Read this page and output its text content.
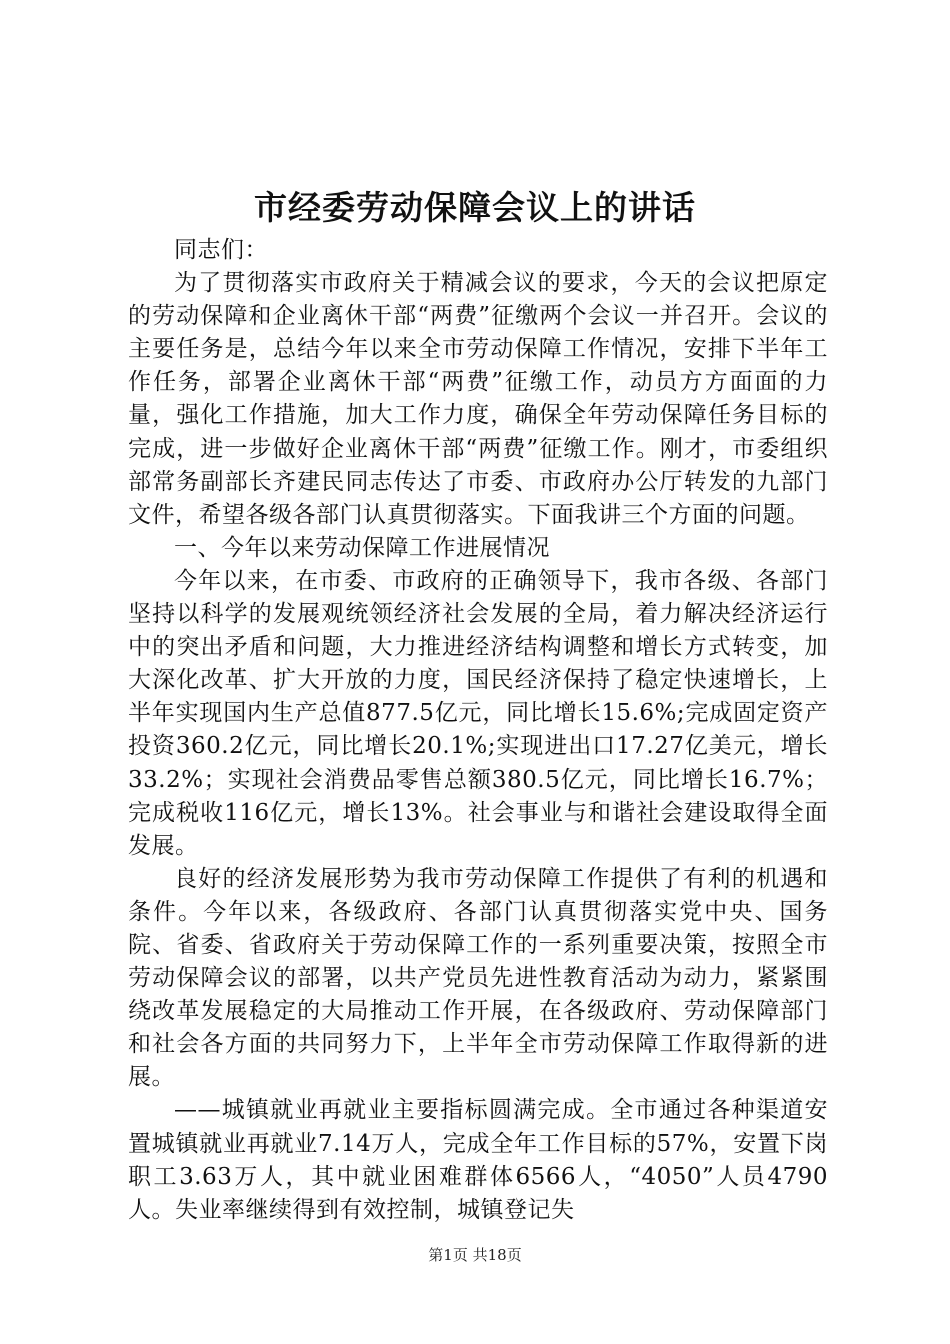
市经委劳动保障会议上的讲话

同志们：

为了贯彻落实市政府关于精减会议的要求，今天的会议把原定的劳动保障和企业离休干部“两费”征缴两个会议一并召开。会议的主要任务是，总结今年以来全市劳动保障工作情况，安排下半年工作任务，部署企业离休干部“两费”征缴工作，动员方方面面的力量，强化工作措施，加大工作力度，确保全年劳动保障任务目标的完成，进一步做好企业离休干部“两费”征缴工作。刚才，市委组织部常务副部长齐建民同志传达了市委、市政府办公厅转发的九部门文件，希望各级各部门认真贯彻落实。下面我讲三个方面的问题。

一、今年以来劳动保障工作进展情况

今年以来，在市委、市政府的正确领导下，我市各级、各部门坚持以科学的发展观统领经济社会发展的全局，着力解决经济运行中的突出矛盾和问题，大力推进经济结构调整和增长方式转变，加大深化改革、扩大开放的力度，国民经济保持了稳定快速增长，上半年实现国内生产总值877.5亿元，同比增长15.6%;完成固定资产投资360.2亿元，同比增长20.1%;实现进出口17.27亿美元，增长33.2%；实现社会消费品零售总额380.5亿元，同比增长16.7%；完成税收116亿元，增长13%。社会事业与和谐社会建设取得全面发展。

良好的经济发展形势为我市劳动保障工作提供了有利的机遇和条件。今年以来，各级政府、各部门认真贯彻落实党中央、国务院、省委、省政府关于劳动保障工作的一系列重要决策，按照全市劳动保障会议的部署，以共产党员先进性教育活动为动力，紧紧围绕改革发展稳定的大局推动工作开展，在各级政府、劳动保障部门和社会各方面的共同努力下，上半年全市劳动保障工作取得新的进展。

——城镇就业再就业主要指标圆满完成。全市通过各种渠道安置城镇就业再就业7.14万人，完成全年工作目标的57%，安置下岗职工3.63万人，其中就业困难群体6566人，“4050”人员4790人。失业率继续得到有效控制，城镇登记失

第1页 共18页
